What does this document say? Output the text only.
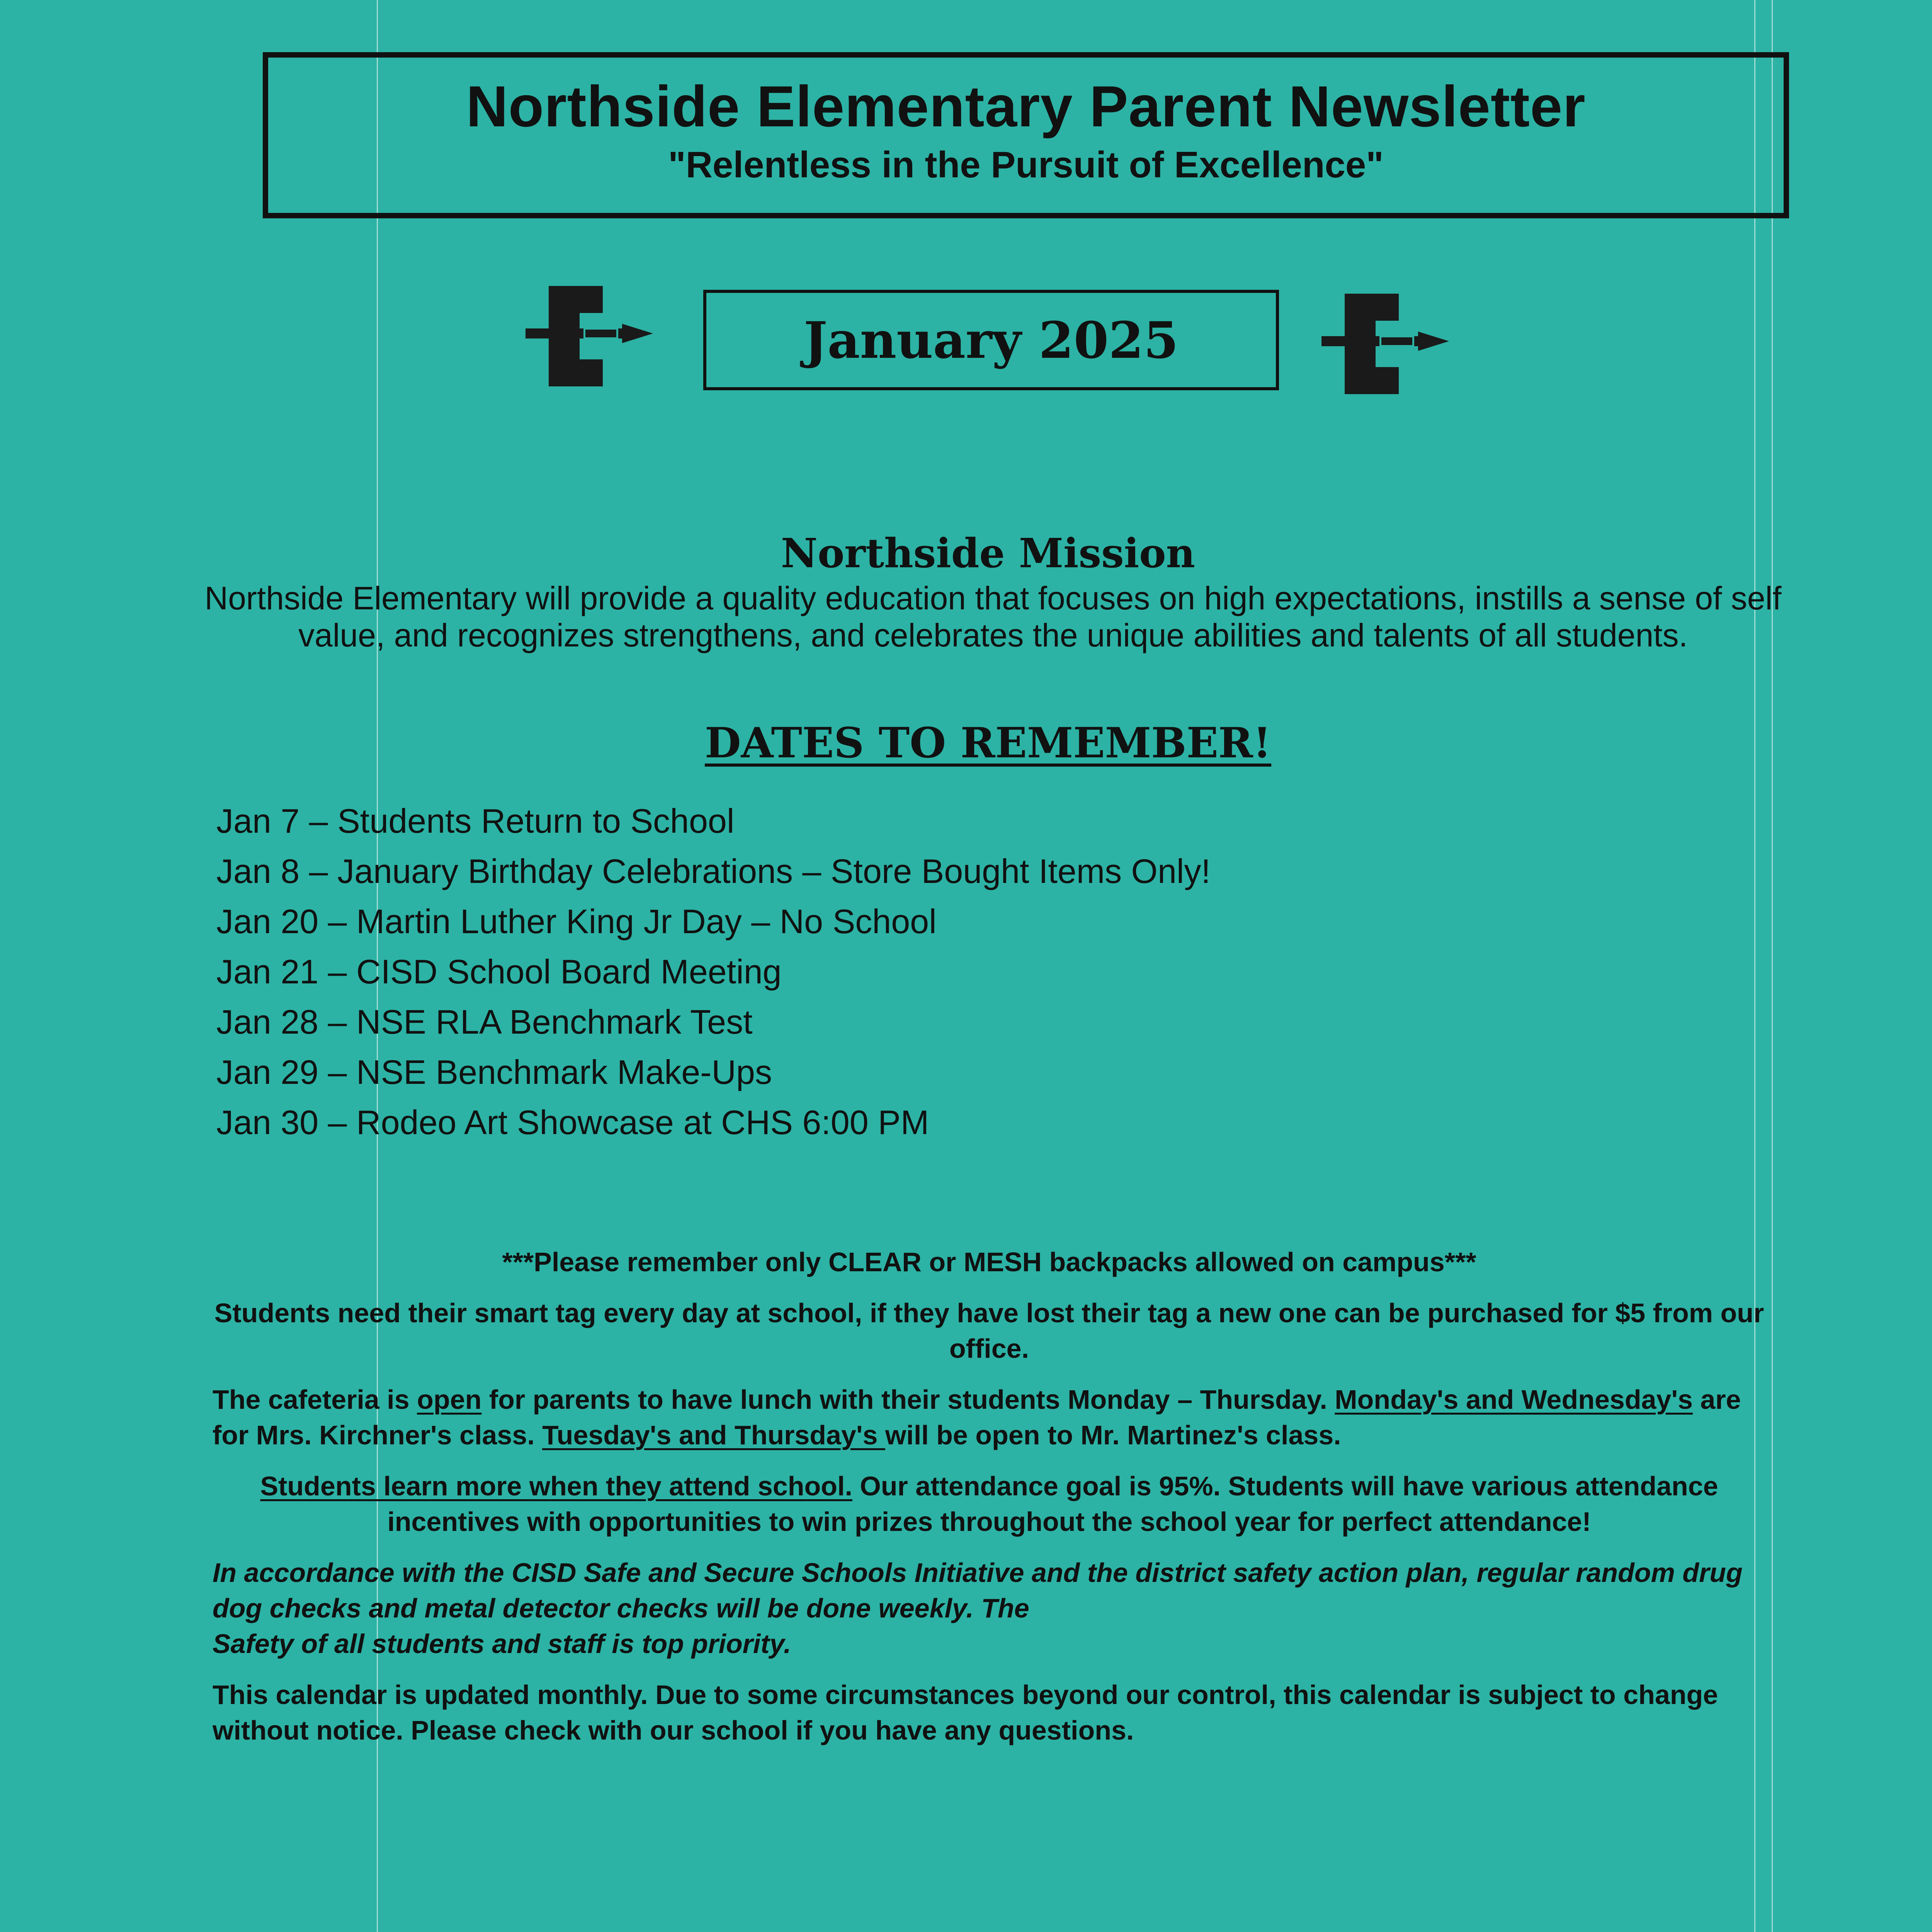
Northside Elementary Parent Newsletter
"Relentless in the Pursuit of Excellence"
January 2025
Northside Mission
Northside Elementary will provide a quality education that focuses on high expectations, instills a sense of self value, and recognizes strengthens, and celebrates the unique abilities and talents of all students.
DATES TO REMEMBER!
Jan 7 – Students Return to School
Jan 8 – January Birthday Celebrations – Store Bought Items Only!
Jan 20 – Martin Luther King Jr Day – No School
Jan 21 – CISD School Board Meeting
Jan 28 – NSE RLA Benchmark Test
Jan 29 – NSE Benchmark Make-Ups
Jan 30 – Rodeo Art Showcase at CHS 6:00 PM

***Please remember only CLEAR or MESH backpacks allowed on campus***

Students need their smart tag every day at school, if they have lost their tag a new one can be purchased for $5 from our office.

The cafeteria is open for parents to have lunch with their students Monday – Thursday. Monday's and Wednesday's are for Mrs. Kirchner's class. Tuesday's and Thursday's will be open to Mr. Martinez's class.

Students learn more when they attend school. Our attendance goal is 95%. Students will have various attendance incentives with opportunities to win prizes throughout the school year for perfect attendance!

In accordance with the CISD Safe and Secure Schools Initiative and the district safety action plan, regular random drug dog checks and metal detector checks will be done weekly. The
Safety of all students and staff is top priority.

This calendar is updated monthly. Due to some circumstances beyond our control, this calendar is subject to change without notice. Please check with our school if you have any questions.
